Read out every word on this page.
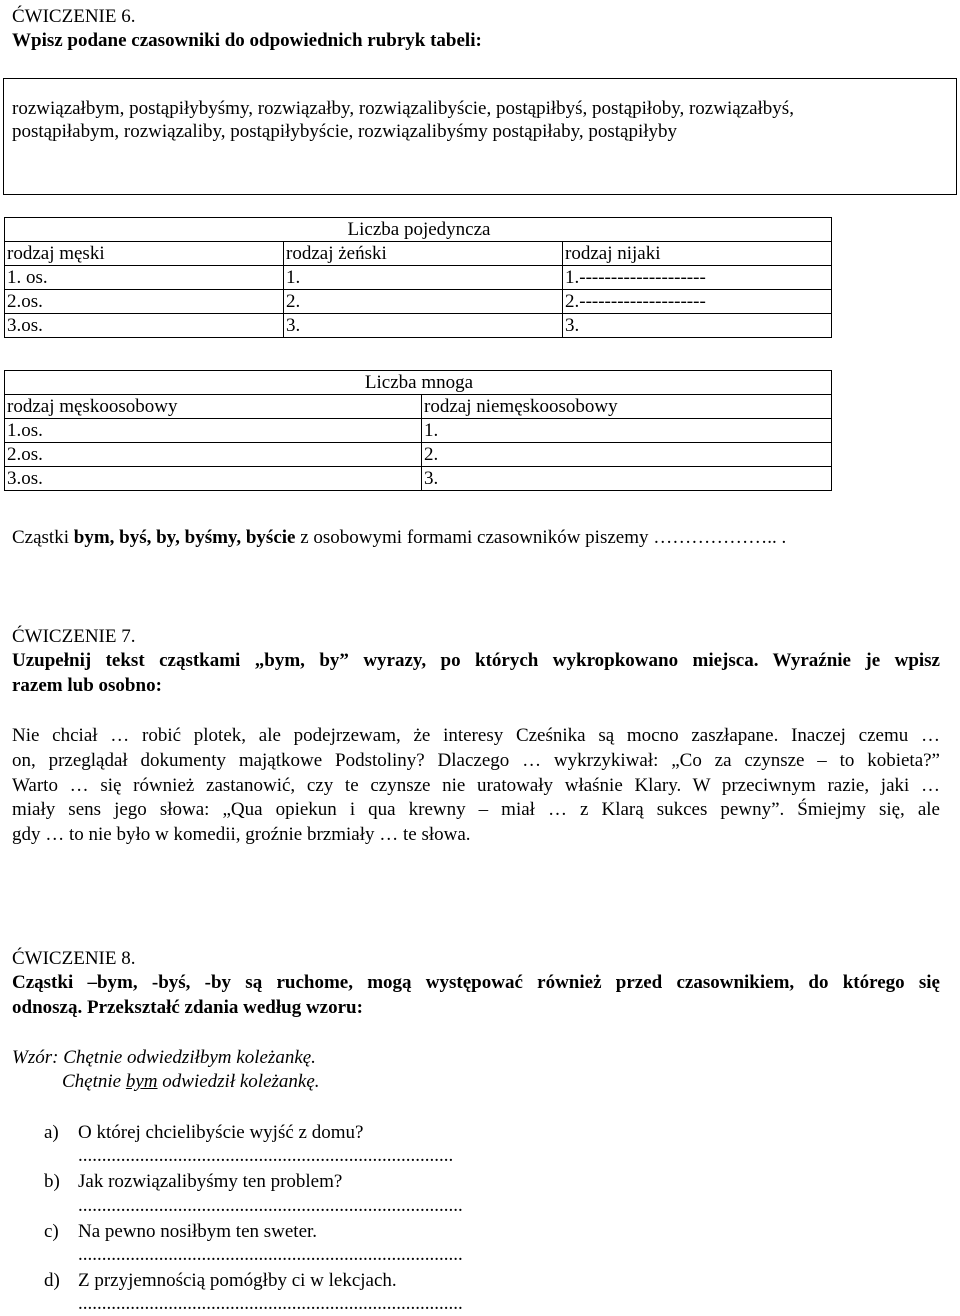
ĆWICZENIE 6.
Wpisz podane czasowniki do odpowiednich rubryk tabeli:
rozwiązałbym, postąpiłybyśmy, rozwiązałby, rozwiązalibyście, postąpiłbyś, postąpiłoby, rozwiązałbyś,
postąpiłabym, rozwiązaliby, postąpiłybyście, rozwiązalibyśmy postąpiłaby, postąpiłyby
Liczba pojedyncza		
rodzaj męski	rodzaj żeński	rodzaj nijaki
1. os.	1.	1.--------------------
2.os.	2.	2.--------------------
3.os.	3.	3.
Liczba mnoga	
rodzaj męskoosobowy	rodzaj niemęskoosobowy
1.os.	1.
2.os.	2.
3.os.	3.
Cząstki bym, byś, by, byśmy, byście z osobowymi formami czasowników piszemy ……………….. .
ĆWICZENIE 7.
Uzupełnij tekst cząstkami „bym, by” wyrazy, po których wykropkowano miejsca. Wyraźnie je wpisz
razem lub osobno:
Nie chciał … robić plotek, ale podejrzewam, że interesy Cześnika są mocno zaszłapane. Inaczej czemu …
on, przeglądał dokumenty majątkowe Podstoliny? Dlaczego … wykrzykiwał: „Co za czynsze – to kobieta?”
Warto … się również zastanowić, czy te czynsze nie uratowały właśnie Klary. W przeciwnym razie, jaki …
miały sens jego słowa: „Qua opiekun i qua krewny – miał … z Klarą sukces pewny”. Śmiejmy się, ale
gdy … to nie było w komedii, groźnie brzmiały … te słowa.
ĆWICZENIE 8.
Cząstki –bym, -byś, -by są ruchome, mogą występować również przed czasownikiem, do którego się
odnoszą. Przekształć zdania według wzoru:
Wzór: Chętnie odwiedziłbym koleżankę.
Chętnie bym odwiedził koleżankę.
a) O której chcielibyście wyjść z domu?
...............................................................................
b) Jak rozwiązalibyśmy ten problem?
.................................................................................
c) Na pewno nosiłbym ten sweter.
.................................................................................
d) Z przyjemnością pomógłby ci w lekcjach.
.................................................................................
